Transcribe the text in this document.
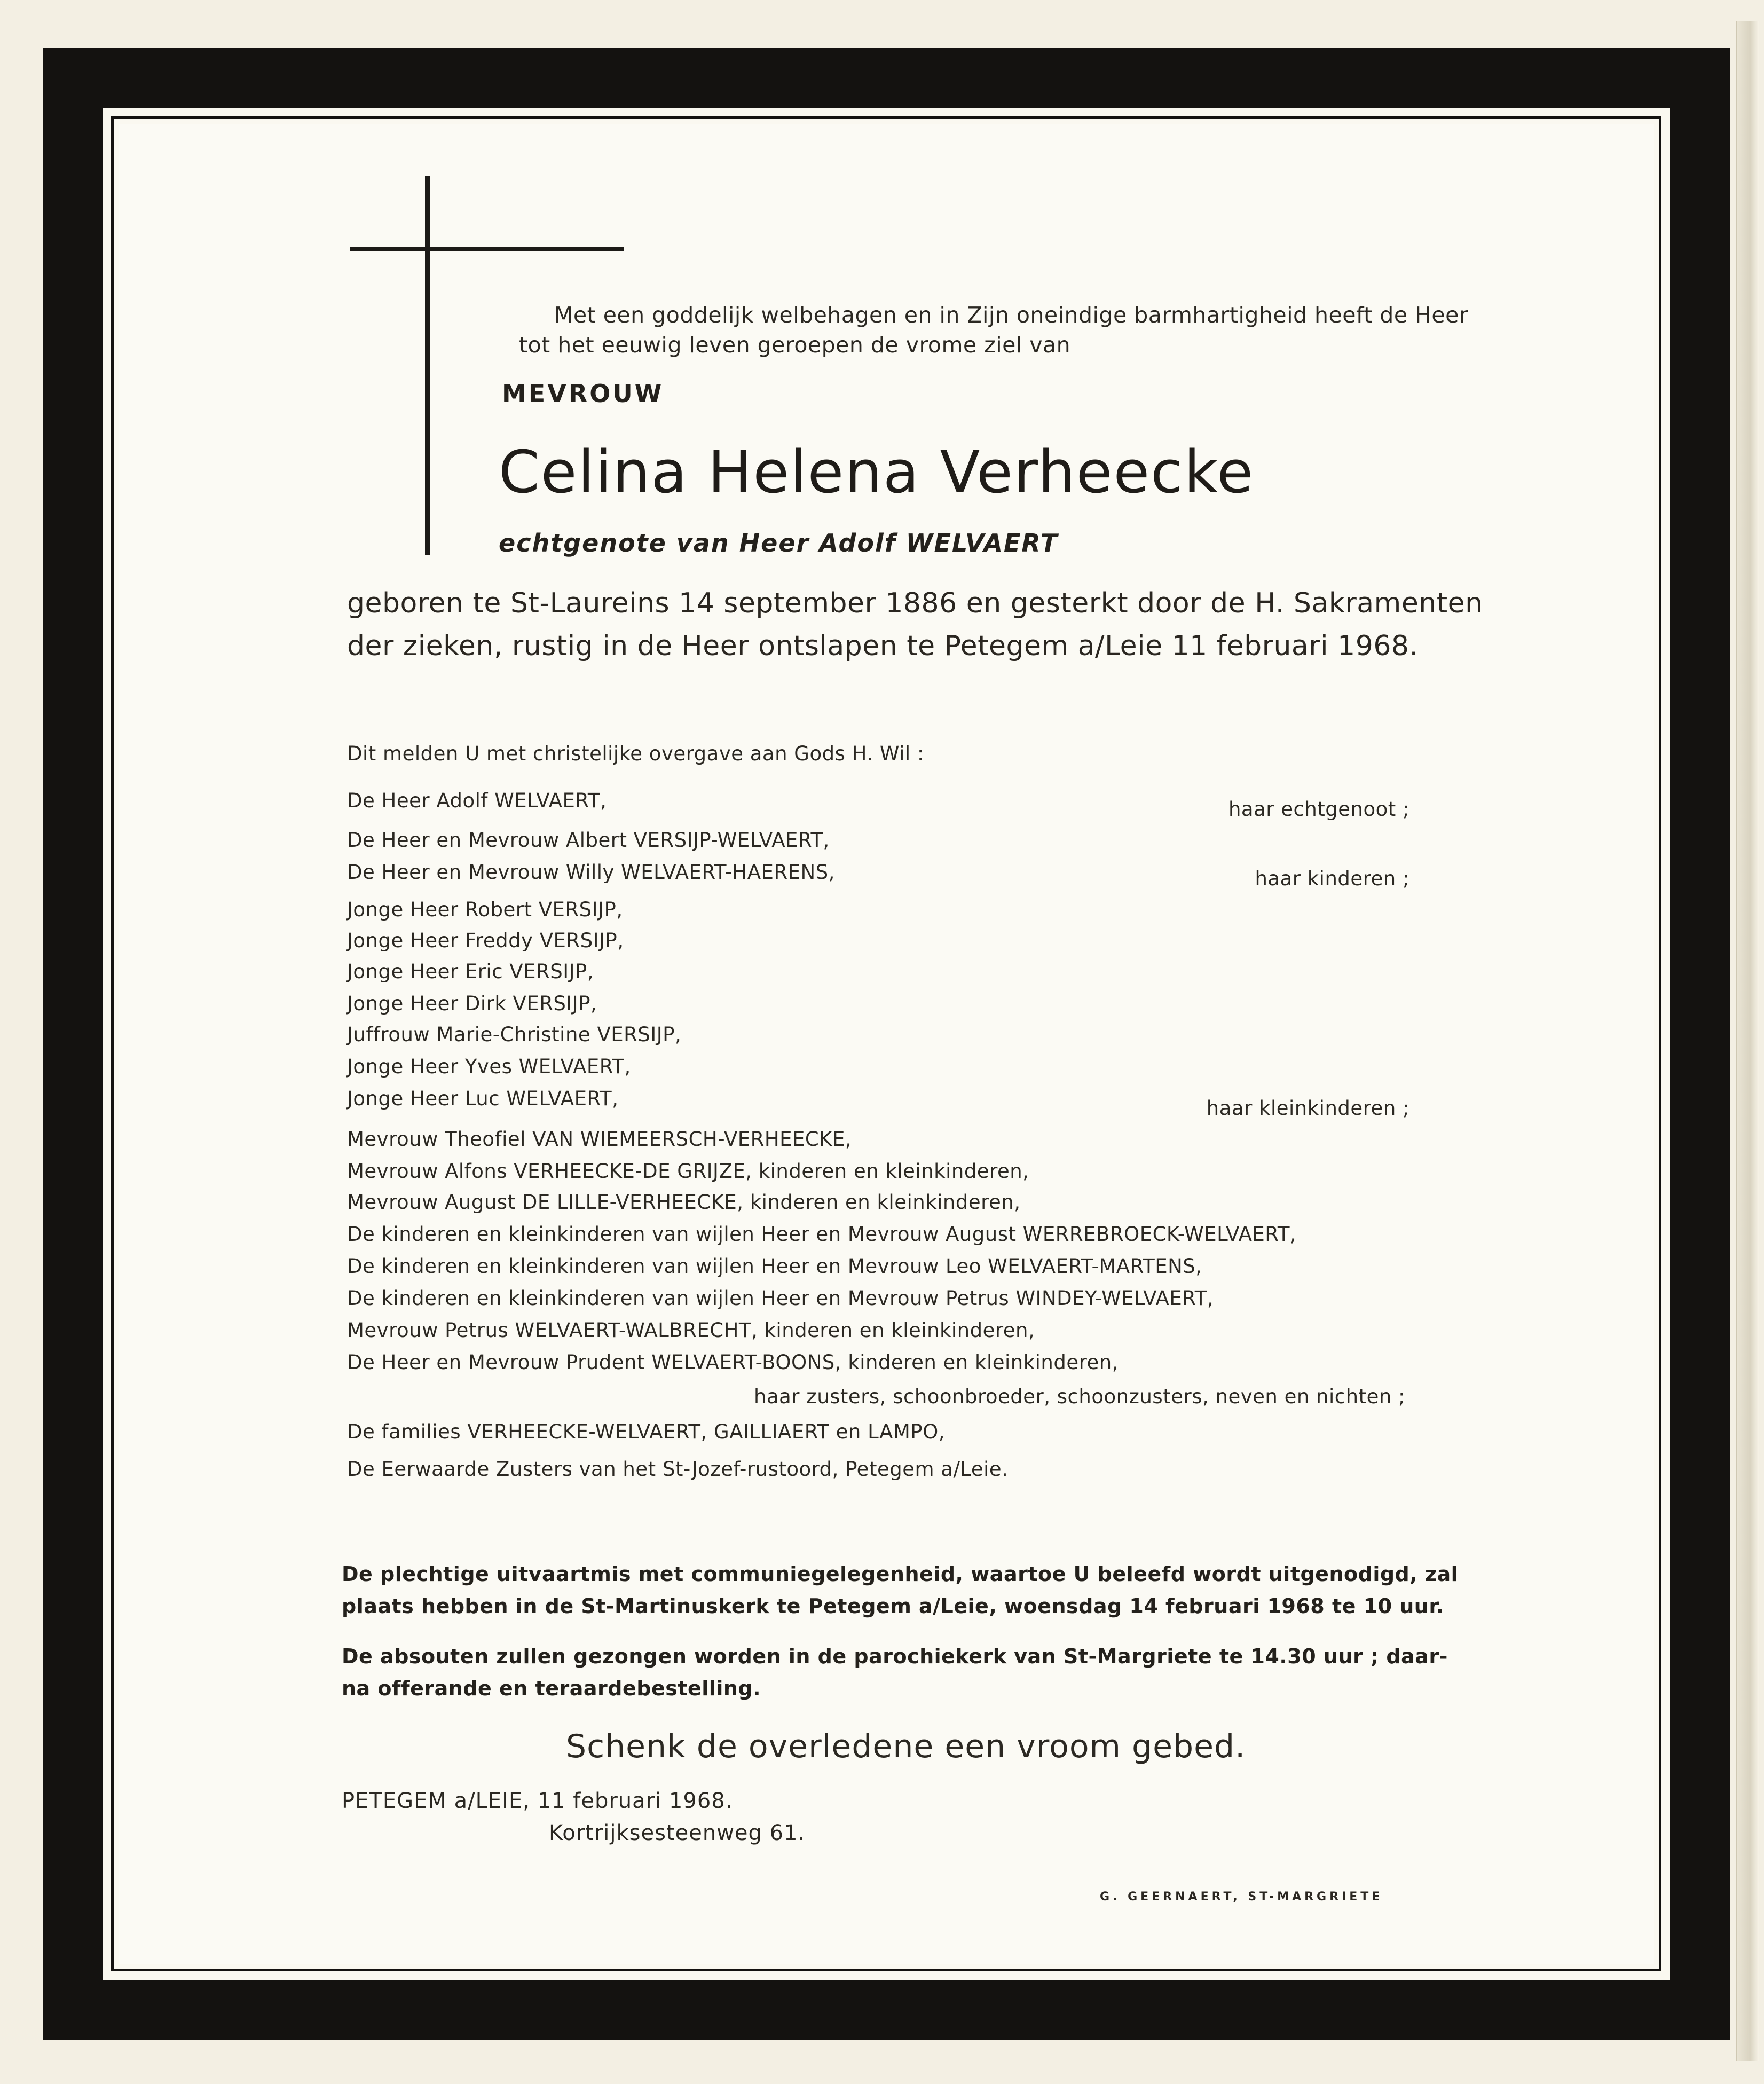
Met een goddelijk welbehagen en in Zijn oneindige barmhartigheid heeft de Heer

tot het eeuwig leven geroepen de vrome ziel van

MEVROUW

Celina Helena Verheecke

echtgenote van Heer Adolf WELVAERT

geboren te St-Laureins 14 september 1886 en gesterkt door de H. Sakramenten

der zieken, rustig in de Heer ontslapen te Petegem a/Leie 11 februari 1968.

Dit melden U met christelijke overgave aan Gods H. Wil :

De Heer Adolf WELVAERT,	haar echtgenoot ;

De Heer en Mevrouw Albert VERSIJP-WELVAERT,

De Heer en Mevrouw Willy WELVAERT-HAERENS,	haar kinderen ;

Jonge Heer Robert VERSIJP,

Jonge Heer Freddy VERSIJP,

Jonge Heer Eric VERSIJP,

Jonge Heer Dirk VERSIJP,

Juffrouw Marie-Christine VERSIJP,

Jonge Heer Yves WELVAERT,

Jonge Heer Luc WELVAERT,	haar kleinkinderen ;

Mevrouw Theofiel VAN WIEMEERSCH-VERHEECKE,

Mevrouw Alfons VERHEECKE-DE GRIJZE, kinderen en kleinkinderen,

Mevrouw August DE LILLE-VERHEECKE, kinderen en kleinkinderen,

De kinderen en kleinkinderen van wijlen Heer en Mevrouw August WERREBROECK-WELVAERT,

De kinderen en kleinkinderen van wijlen Heer en Mevrouw Leo WELVAERT-MARTENS,

De kinderen en kleinkinderen van wijlen Heer en Mevrouw Petrus WINDEY-WELVAERT,

Mevrouw Petrus WELVAERT-WALBRECHT, kinderen en kleinkinderen,

De Heer en Mevrouw Prudent WELVAERT-BOONS, kinderen en kleinkinderen,

haar zusters, schoonbroeder, schoonzusters, neven en nichten ;

De families VERHEECKE-WELVAERT, GAILLIAERT en LAMPO,

De Eerwaarde Zusters van het St-Jozef-rustoord, Petegem a/Leie.

De plechtige uitvaartmis met communiegelegenheid, waartoe U beleefd wordt uitgenodigd, zal

plaats hebben in de St-Martinuskerk te Petegem a/Leie, woensdag 14 februari 1968 te 10 uur.

De absouten zullen gezongen worden in de parochiekerk van St-Margriete te 14.30 uur ; daar-

na offerande en teraardebestelling.

Schenk de overledene een vroom gebed.

PETEGEM a/LEIE, 11 februari 1968.

Kortrijksesteenweg 61.

G. GEERNAERT, ST-MARGRIETE
